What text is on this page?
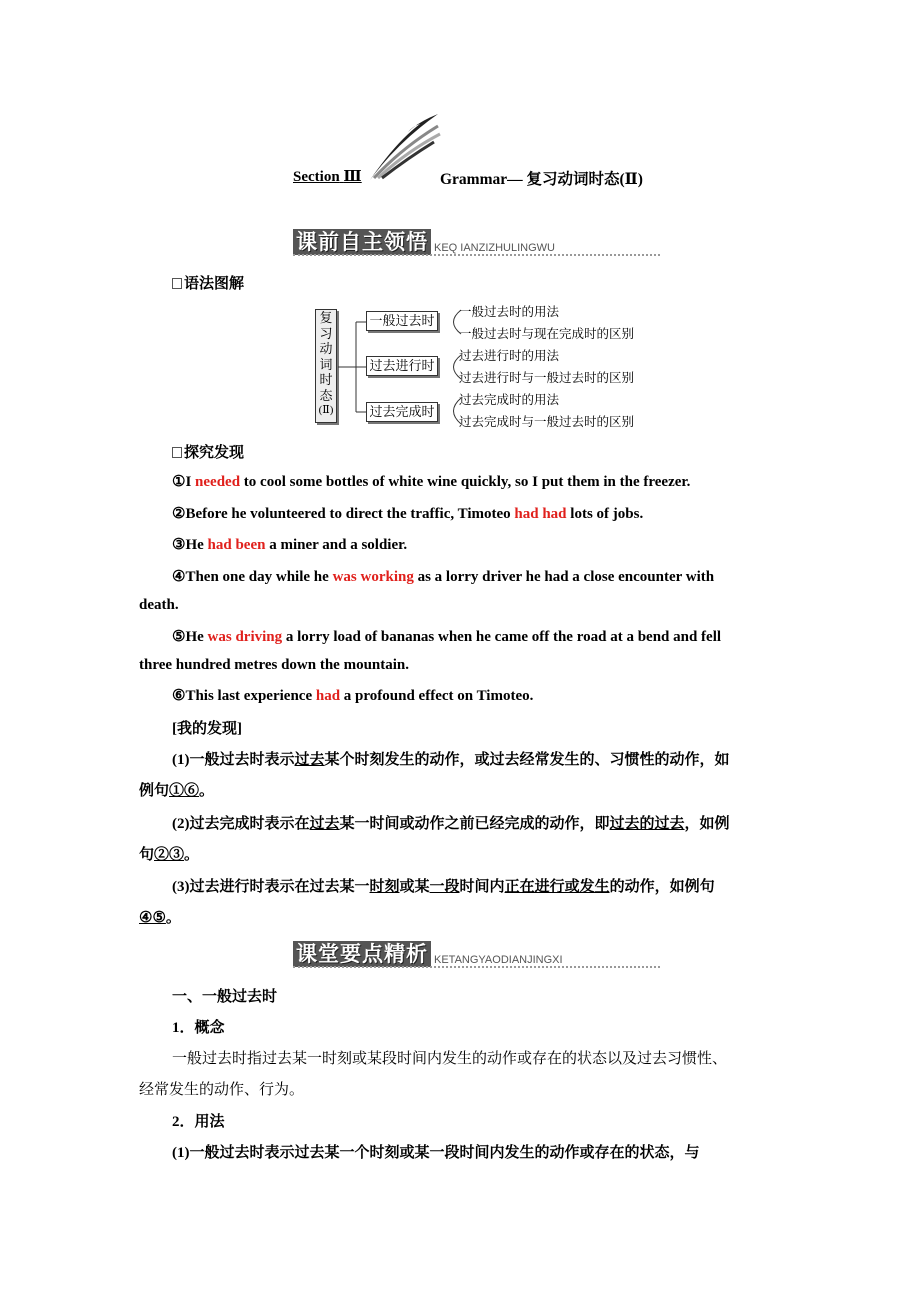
Section Ⅲ	Grammar— 复习动词时态(Ⅱ)
课前自主领悟 KEQ IANZIZHULINGWU
语法图解
复
习
动
词
时
态
(Ⅱ)
一般过去时
过去进行时
过去完成时
一般过去时的用法
一般过去时与现在完成时的区别
过去进行时的用法
过去进行时与一般过去时的区别
过去完成时的用法
过去完成时与一般过去时的区别
探究发现
①I needed to cool some bottles of white wine quickly, so I put them in the freezer.
②Before he volunteered to direct the traffic, Timoteo had had lots of jobs.
③He had been a miner and a soldier.
④Then one day while he was working as a lorry driver he had a close encounter with
death.
⑤He was driving a lorry load of bananas when he came off the road at a bend and fell
three hundred metres down the mountain.
⑥This last experience had a profound effect on Timoteo.
[我的发现]
(1)一般过去时表示过去某个时刻发生的动作，或过去经常发生的、习惯性的动作，如
例句①⑥。
(2)过去完成时表示在过去某一时间或动作之前已经完成的动作，即过去的过去，如例
句②③。
(3)过去进行时表示在过去某一时刻或某一段时间内正在进行或发生的动作，如例句
④⑤。
课堂要点精析 KETANGYAODIANJINGXI
一、一般过去时
1．概念
一般过去时指过去某一时刻或某段时间内发生的动作或存在的状态以及过去习惯性、
经常发生的动作、行为。
2．用法
(1)一般过去时表示过去某一个时刻或某一段时间内发生的动作或存在的状态，与
